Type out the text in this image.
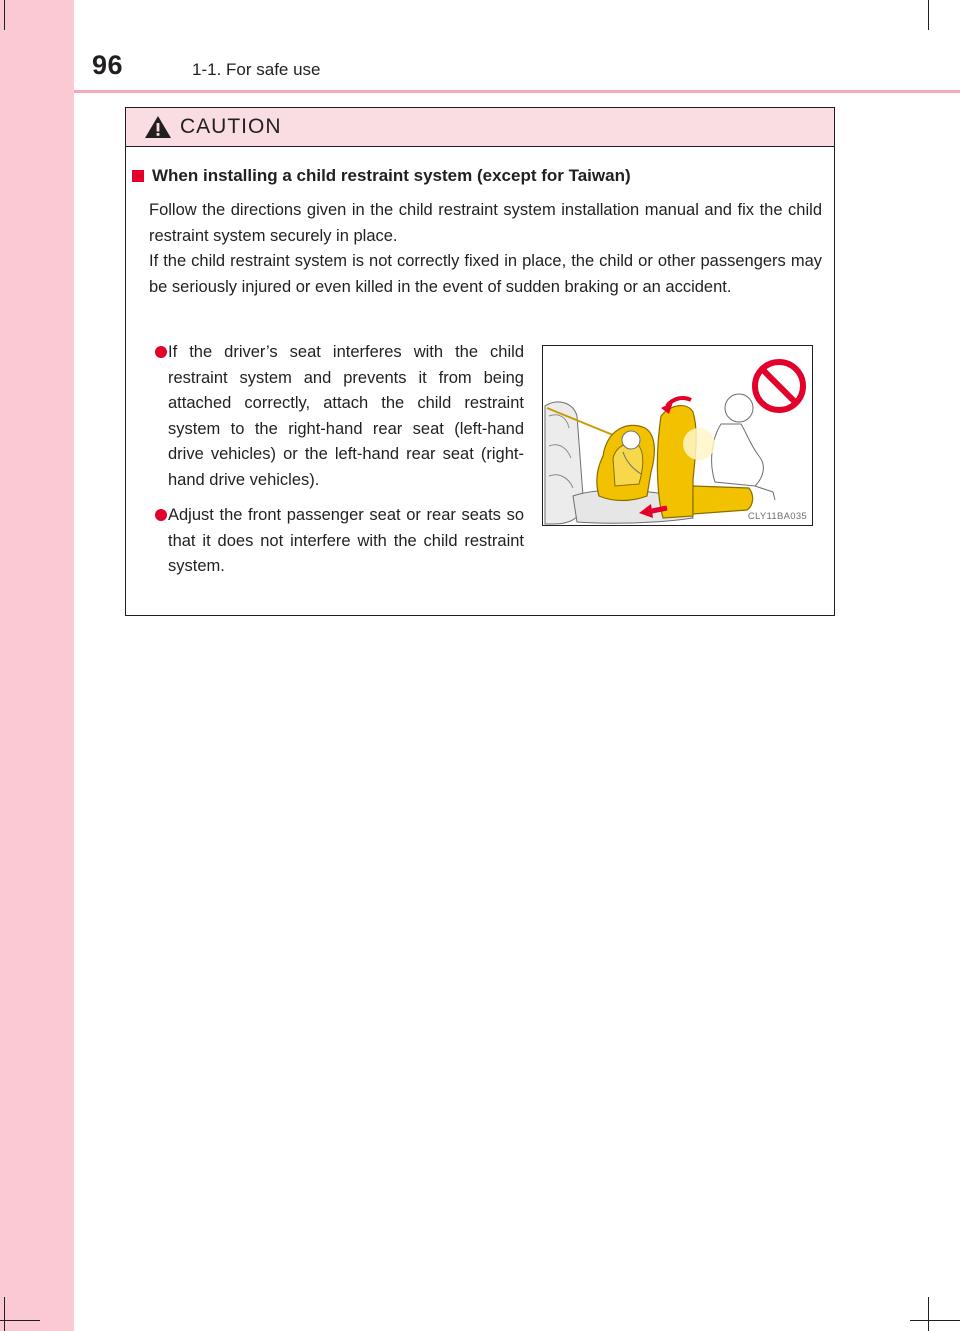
96	1-1. For safe use
CAUTION
When installing a child restraint system (except for Taiwan)

Follow the directions given in the child restraint system installation manual and fix the child restraint system securely in place.

If the child restraint system is not correctly fixed in place, the child or other passengers may be seriously injured or even killed in the event of sudden braking or an accident.

If the driver’s seat interferes with the child restraint system and prevents it from being attached correctly, attach the child restraint system to the right-hand rear seat (left-hand drive vehicles) or the left-hand rear seat (right-hand drive vehicles).
Adjust the front passenger seat or rear seats so that it does not interfere with the child restraint system.
CLY11BA035
